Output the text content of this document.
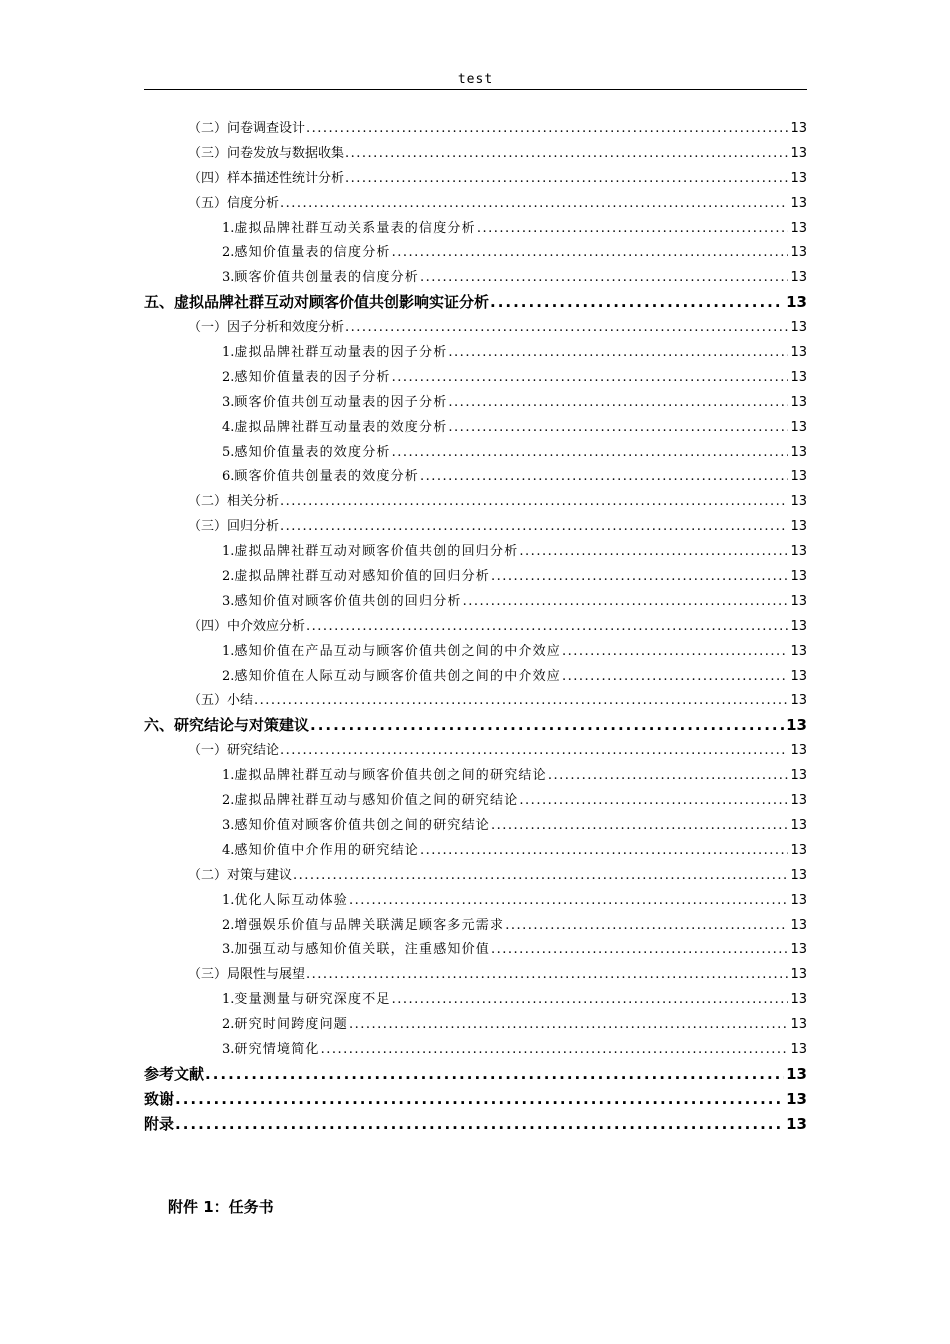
test
（二）问卷调查设计 .....	13
（三）问卷发放与数据收集 .....	13
（四）样本描述性统计分析 .....	13
（五）信度分析 .....	13
1. 虚拟品牌社群互动关系量表的信度分析 .....	13
2. 感知价值量表的信度分析 .....	13
3. 顾客价值共创量表的信度分析 .....	13
五、虚拟品牌社群互动对顾客价值共创影响实证分析 .....	13
（一）因子分析和效度分析 .....	13
1. 虚拟品牌社群互动量表的因子分析 .....	13
2. 感知价值量表的因子分析 .....	13
3. 顾客价值共创互动量表的因子分析 .....	13
4. 虚拟品牌社群互动量表的效度分析 .....	13
5. 感知价值量表的效度分析 .....	13
6. 顾客价值共创量表的效度分析 .....	13
（二）相关分析 .....	13
（三）回归分析 .....	13
1. 虚拟品牌社群互动对顾客价值共创的回归分析 .....	13
2. 虚拟品牌社群互动对感知价值的回归分析 .....	13
3. 感知价值对顾客价值共创的回归分析 .....	13
（四）中介效应分析 .....	13
1. 感知价值在产品互动与顾客价值共创之间的中介效应 .....	13
2. 感知价值在人际互动与顾客价值共创之间的中介效应 .....	13
（五）小结 .....	13
六、研究结论与对策建议 .....	13
（一）研究结论 .....	13
1. 虚拟品牌社群互动与顾客价值共创之间的研究结论 .....	13
2. 虚拟品牌社群互动与感知价值之间的研究结论 .....	13
3. 感知价值对顾客价值共创之间的研究结论 .....	13
4. 感知价值中介作用的研究结论 .....	13
（二）对策与建议 .....	13
1. 优化人际互动体验 .....	13
2. 增强娱乐价值与品牌关联满足顾客多元需求 .....	13
3. 加强互动与感知价值关联，注重感知价值 .....	13
（三）局限性与展望 .....	13
1. 变量测量与研究深度不足 .....	13
2. 研究时间跨度问题 .....	13
3. 研究情境简化 .....	13
参考文献 .....	13
致谢 .....	13
附录 .....	13
附件 1：任务书
